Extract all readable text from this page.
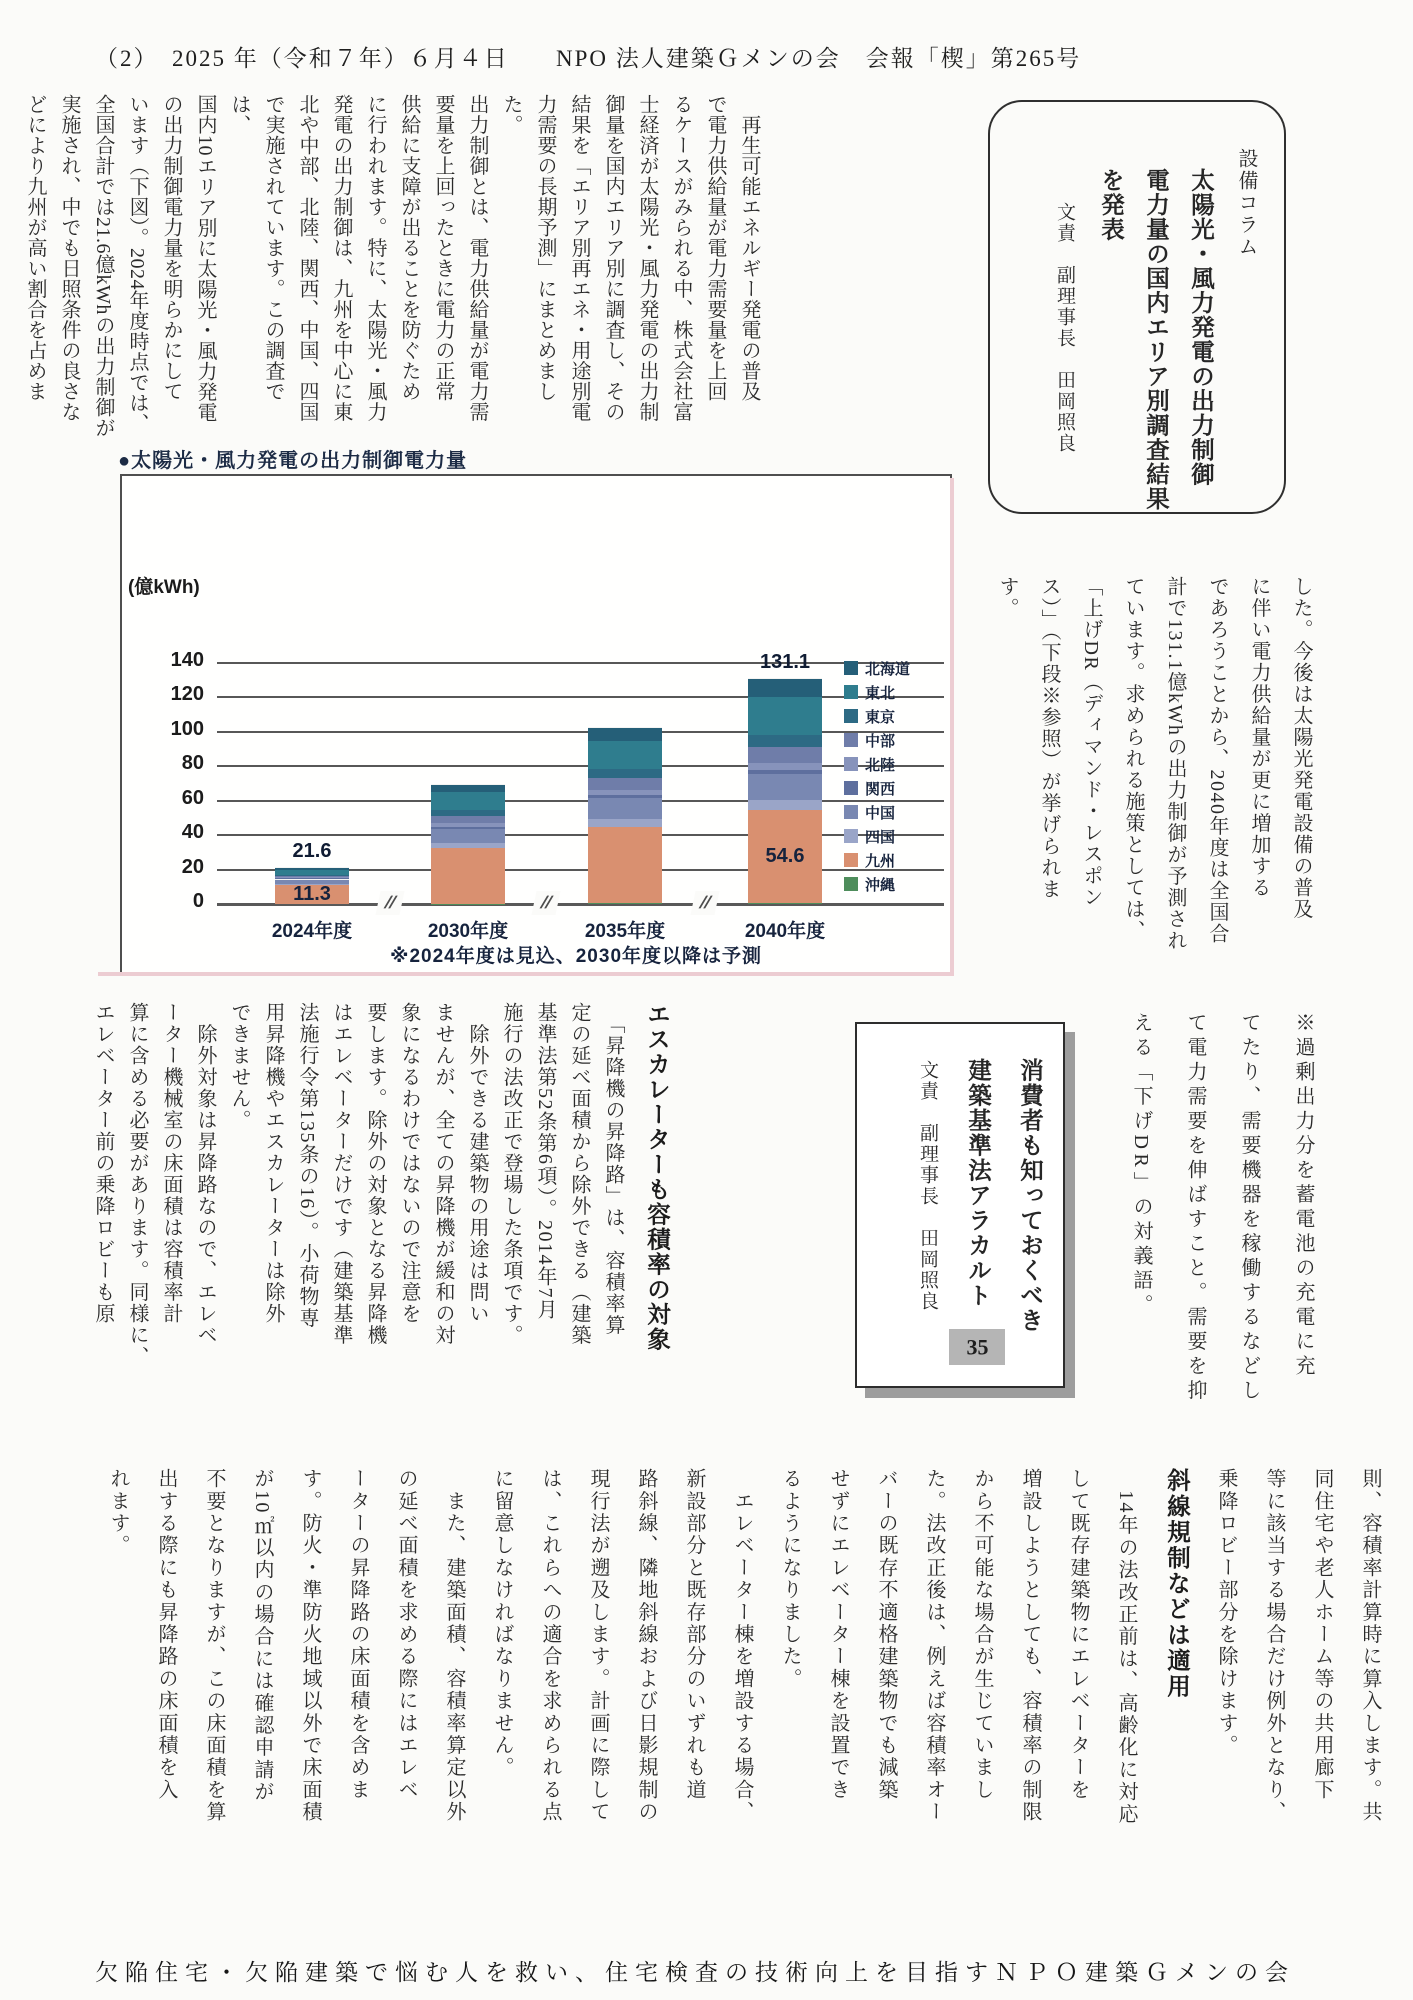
（2）　2025 年（令和７年）６月４日 NPO 法人建築Ｇメンの会　会報「楔」第265号

　再生可能エネルギー発電の普及

で電力供給量が電力需要量を上回

るケースがみられる中、株式会社富

士経済が太陽光・風力発電の出力制

御量を国内エリア別に調査し、その

結果を「エリア別再エネ・用途別電

力需要の長期予測」にまとめました。

出力制御とは、電力供給量が電力需

要量を上回ったときに電力の正常

供給に支障が出ることを防ぐため

に行われます。特に、太陽光・風力

発電の出力制御は、九州を中心に東

北や中部、北陸、関西、中国、四国

で実施されています。この調査では、

国内10エリア別に太陽光・風力発電

の出力制御電力量を明らかにして

います（下図）。2024年度時点では、

全国合計では21.6億kWhの出力制御が

実施され、中でも日照条件の良さな

どにより九州が高い割合を占めま	設備コラム

太陽光・風力発電の出力制御

電力量の国内エリア別調査結果

を発表

文責　副理事長　田岡照良

した。今後は太陽光発電設備の普及

に伴い電力供給量が更に増加する

であろうことから、2040年度は全国合

計で131.1億kWhの出力制御が予測され

ています。求められる施策としては、

「上げDR（ディマンド・レスポン

ス）」（下段※参照）が挙げられま

す。

※過剰出力分を蓄電池の充電に充

てたり、需要機器を稼働するなどし

て電力需要を伸ばすこと。需要を抑

える「下げDR」の対義語。

●太陽光・風力発電の出力制御電力量
(億kWh)
※2024年度は見込、2030年度以降は予測
140
120
100
80
60
40
20
0
2024年度	2030年度	2035年度	2040年度
//	//	//
21.6
131.1
11.3
54.6
北海道
東北
東京
中部
北陸
関西
中国
四国
九州
沖縄

消費者も知っておくべき

建築基準法アラカルト 35

文責　副理事長　田岡照良

エスカレーターも容積率の対象

　「昇降機の昇降路」は、容積率算

定の延べ面積から除外できる（建築

基準法第52条第6項）。2014年7月

施行の法改正で登場した条項です。

　除外できる建築物の用途は問い

ませんが、全ての昇降機が緩和の対

象になるわけではないので注意を

要します。除外の対象となる昇降機

はエレベーターだけです（建築基準

法施行令第135条の16）。小荷物専

用昇降機やエスカレーターは除外

できません。

　除外対象は昇降路なので、エレベ

ーター機械室の床面積は容積率計

算に含める必要があります。同様に、

エレベーター前の乗降ロビーも原

則、容積率計算時に算入します。共

同住宅や老人ホーム等の共用廊下

等に該当する場合だけ例外となり、

乗降ロビー部分を除けます。

斜線規制などは適用

　14年の法改正前は、高齢化に対応

して既存建築物にエレベーターを

増設しようとしても、容積率の制限

から不可能な場合が生じていまし

た。法改正後は、例えば容積率オー

バーの既存不適格建築物でも減築

せずにエレベーター棟を設置でき

るようになりました。

　エレベーター棟を増設する場合、

新設部分と既存部分のいずれも道

路斜線、隣地斜線および日影規制の

現行法が遡及します。計画に際して

は、これらへの適合を求められる点

に留意しなければなりません。

　また、建築面積、容積率算定以外

の延べ面積を求める際にはエレベ

ーターの昇降路の床面積を含めま

す。防火・準防火地域以外で床面積

が10㎡以内の場合には確認申請が

不要となりますが、この床面積を算

出する際にも昇降路の床面積を入

れます。

欠陥住宅・欠陥建築で悩む人を救い、住宅検査の技術向上を目指すＮＰＯ建築Ｇメンの会
